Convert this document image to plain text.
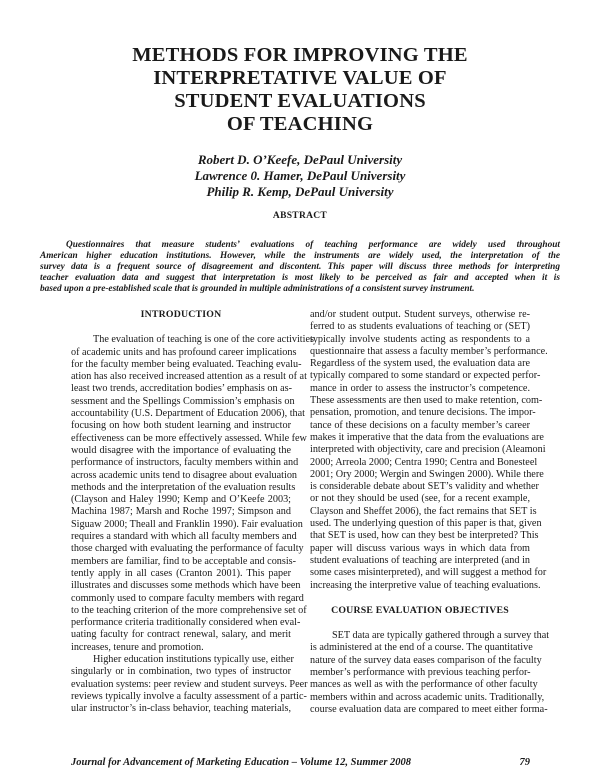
METHODS FOR IMPROVING THE
INTERPRETATIVE VALUE OF
STUDENT EVALUATIONS
OF TEACHING
Robert D. O’Keefe, DePaul University
Lawrence 0. Hamer, DePaul University
Philip R. Kemp, DePaul University
ABSTRACT
Questionnaires that measure students’ evaluations of teaching performance are widely used throughout
American higher education institutions. However, while the instruments are widely used, the interpretation of the
survey data is a frequent source of disagreement and discontent. This paper will discuss three methods for interpreting
teacher evaluation data and suggest that interpretation is most likely to be perceived as fair and accepted when it is
based upon a pre-established scale that is grounded in multiple administrations of a consistent survey instrument.
INTRODUCTION
The evaluation of teaching is one of the core activities
of academic units and has profound career implications
for the faculty member being evaluated. Teaching evalu-
ation has also received increased attention as a result of at
least two trends, accreditation bodies’ emphasis on as-
sessment and the Spellings Commission’s emphasis on
accountability (U.S. Department of Education 2006), that
focusing on how both student learning and instructor
effectiveness can be more effectively assessed. While few
would disagree with the importance of evaluating the
performance of instructors, faculty members within and
across academic units tend to disagree about evaluation
methods and the interpretation of the evaluation results
(Clayson and Haley 1990; Kemp and O’Keefe 2003;
Machina 1987; Marsh and Roche 1997; Simpson and
Siguaw 2000; Theall and Franklin 1990). Fair evaluation
requires a standard with which all faculty members and
those charged with evaluating the performance of faculty
members are familiar, find to be acceptable and consis-
tently apply in all cases (Cranton 2001). This paper
illustrates and discusses some methods which have been
commonly used to compare faculty members with regard
to the teaching criterion of the more comprehensive set of
performance criteria traditionally considered when eval-
uating faculty for contract renewal, salary, and merit
increases, tenure and promotion.
Higher education institutions typically use, either
singularly or in combination, two types of instructor
evaluation systems: peer review and student surveys. Peer
reviews typically involve a faculty assessment of a partic-
ular instructor’s in-class behavior, teaching materials,
and/or student output. Student surveys, otherwise re-
ferred to as students evaluations of teaching or (SET)
typically involve students acting as respondents to a
questionnaire that assess a faculty member’s performance.
Regardless of the system used, the evaluation data are
typically compared to some standard or expected perfor-
mance in order to assess the instructor’s competence.
These assessments are then used to make retention, com-
pensation, promotion, and tenure decisions. The impor-
tance of these decisions on a faculty member’s career
makes it imperative that the data from the evaluations are
interpreted with objectivity, care and precision (Aleamoni
2000; Arreola 2000; Centra 1990; Centra and Bonesteel
2001; Ory 2000; Wergin and Swingen 2000). While there
is considerable debate about SET’s validity and whether
or not they should be used (see, for a recent example,
Clayson and Sheffet 2006), the fact remains that SET is
used. The underlying question of this paper is that, given
that SET is used, how can they best be interpreted? This
paper will discuss various ways in which data from
student evaluations of teaching are interpreted (and in
some cases misinterpreted), and will suggest a method for
increasing the interpretive value of teaching evaluations.
COURSE EVALUATION OBJECTIVES
SET data are typically gathered through a survey that
is administered at the end of a course. The quantitative
nature of the survey data eases comparison of the faculty
member’s performance with previous teaching perfor-
mances as well as with the performance of other faculty
members within and across academic units. Traditionally,
course evaluation data are compared to meet either forma-
Journal for Advancement of Marketing Education – Volume 12, Summer 2008	79
